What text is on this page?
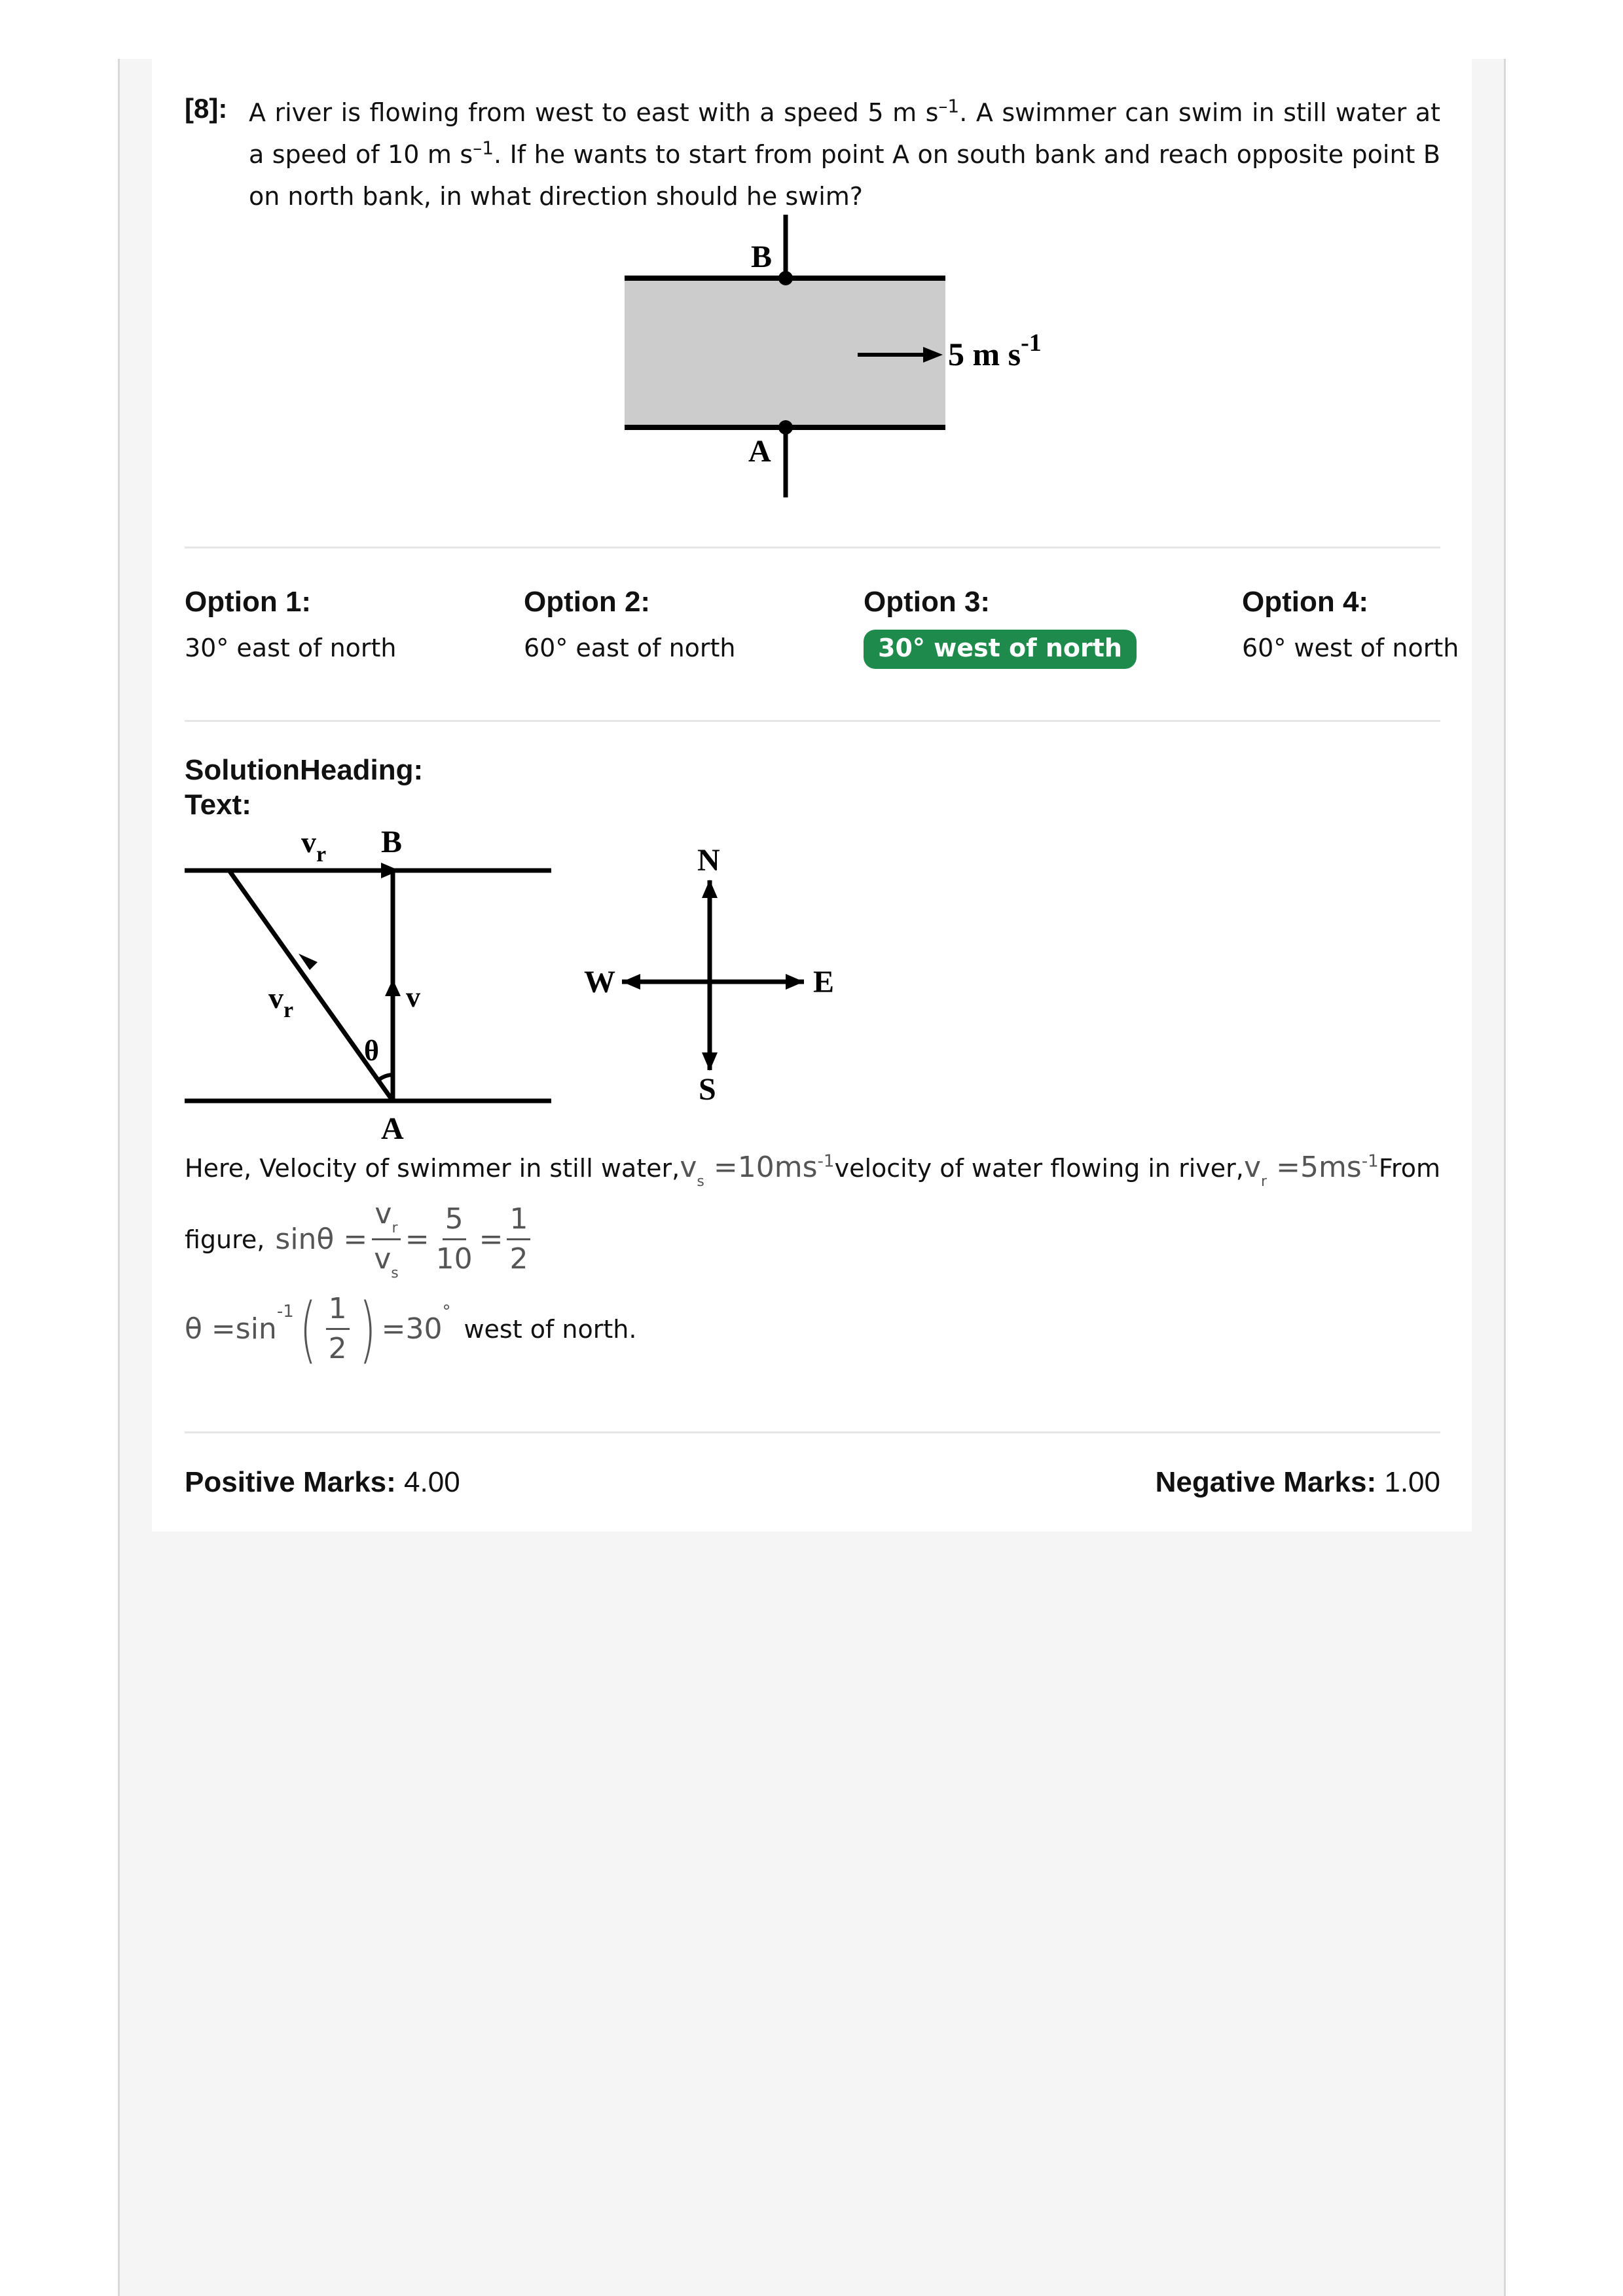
[8]: A river is flowing from west to east with a speed 5 m $s^{-1}$. A swimmer can swim in still water at a speed of 10 m $s^{-1}$. If he wants to start from point A on south bank and reach opposite point B on north bank, in what direction should he swim?
B
A
5 m $s^{-1}$
Option 1:
30° east of north
Option 2:
60° east of north
Option 3:
30° west of north
Option 4:
60° west of north
SolutionHeading:
Text:
$v_r$ B
v
$v_r$
θ
A
N
S
W	E
Here, Velocity of swimmer in still water, $v_s =10ms^{-1}$ velocity of water flowing in river, $v_r =5ms^{-1}$ From
figure, $\sin\theta = \frac{v_r}{v_s} = \frac{5}{10} = \frac{1}{2}$
θ =sin
$^{-1}$ ( $\frac{1}{2}$ ) =30
°
west of north.
Positive Marks: 4.00	Negative Marks: 1.00
